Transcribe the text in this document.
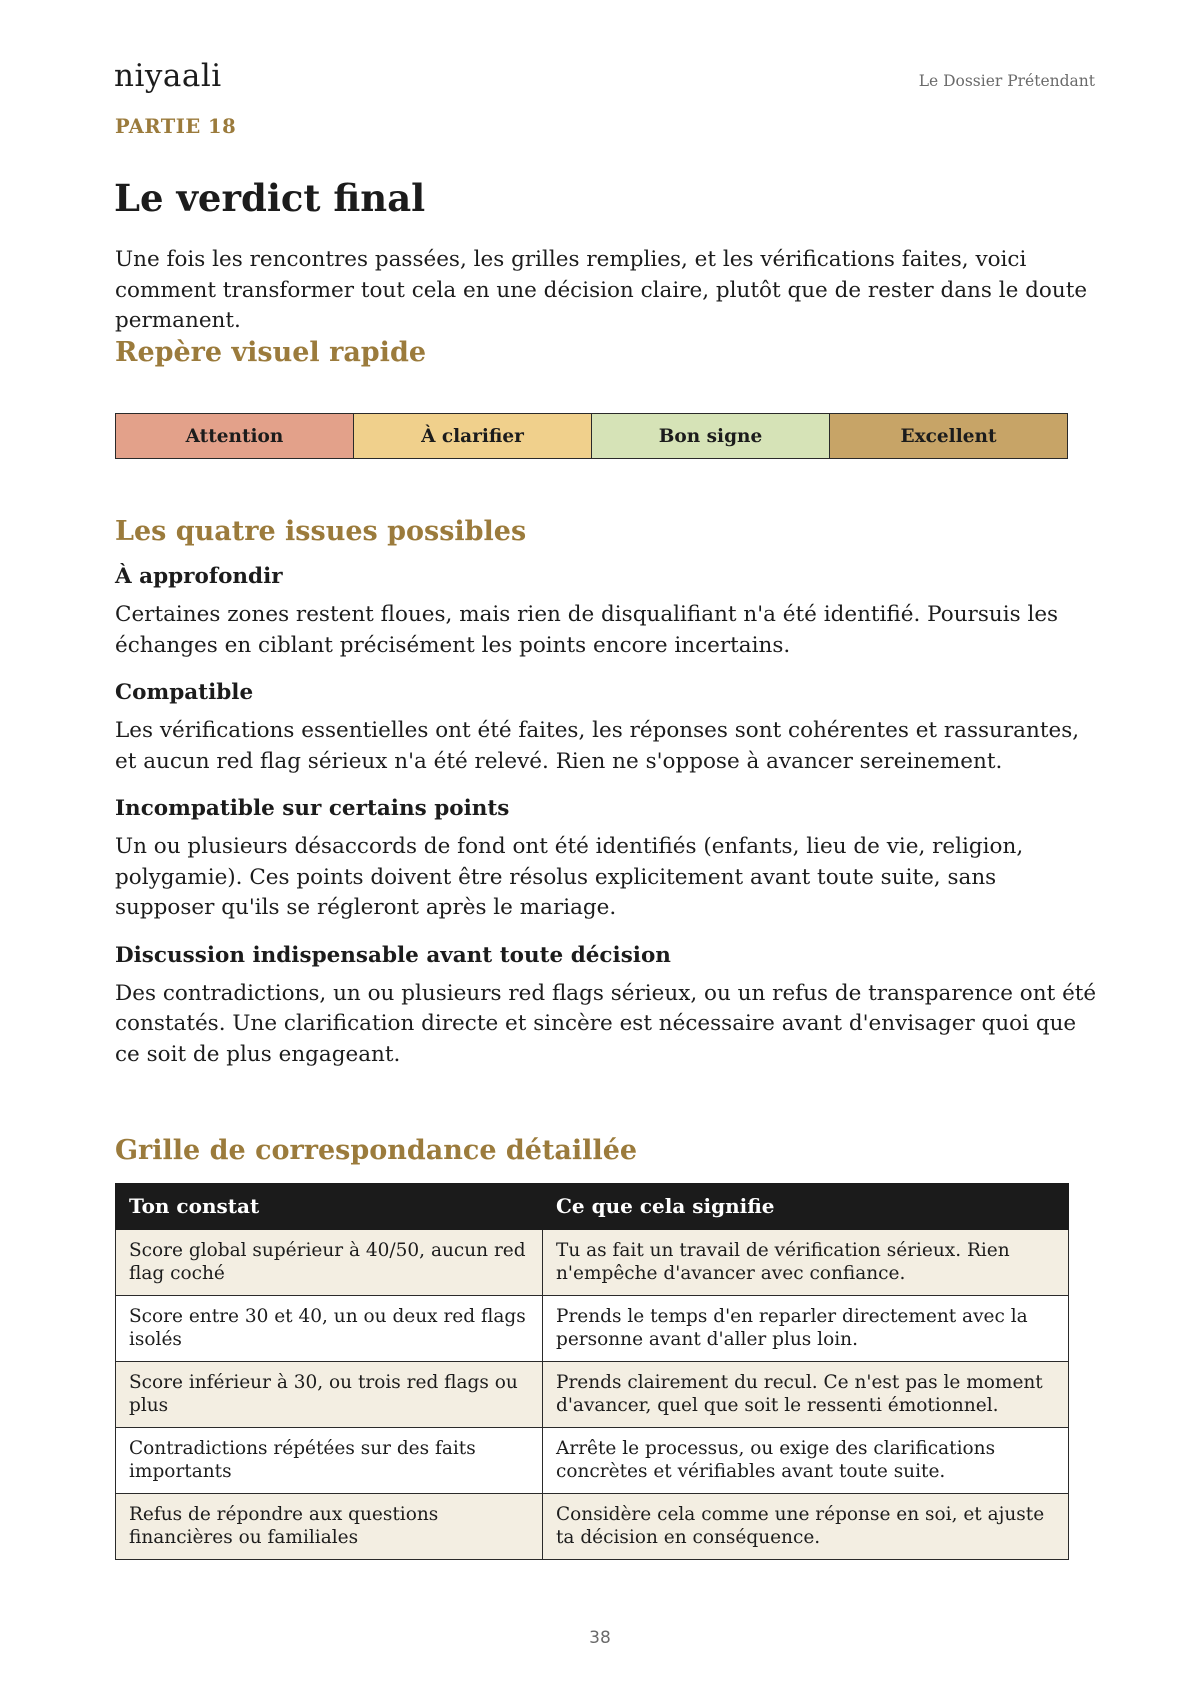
niyaali	Le Dossier Prétendant
PARTIE 18
Le verdict final

Une fois les rencontres passées, les grilles remplies, et les vérifications faites, voici comment transformer tout cela en une décision claire, plutôt que de rester dans le doute permanent.

Repère visuel rapide
Attention	À clarifier	Bon signe	Excellent
Les quatre issues possibles
À approfondir

Certaines zones restent floues, mais rien de disqualifiant n'a été identifié. Poursuis les échanges en ciblant précisément les points encore incertains.

Compatible

Les vérifications essentielles ont été faites, les réponses sont cohérentes et rassurantes, et aucun red flag sérieux n'a été relevé. Rien ne s'oppose à avancer sereinement.

Incompatible sur certains points

Un ou plusieurs désaccords de fond ont été identifiés (enfants, lieu de vie, religion, polygamie). Ces points doivent être résolus explicitement avant toute suite, sans supposer qu'ils se régleront après le mariage.

Discussion indispensable avant toute décision

Des contradictions, un ou plusieurs red flags sérieux, ou un refus de transparence ont été constatés. Une clarification directe et sincère est nécessaire avant d'envisager quoi que ce soit de plus engageant.

Grille de correspondance détaillée
Ton constat	Ce que cela signifie
Score global supérieur à 40/50, aucun red flag coché	Tu as fait un travail de vérification sérieux. Rien n'empêche d'avancer avec confiance.
Score entre 30 et 40, un ou deux red flags isolés	Prends le temps d'en reparler directement avec la personne avant d'aller plus loin.
Score inférieur à 30, ou trois red flags ou plus	Prends clairement du recul. Ce n'est pas le moment d'avancer, quel que soit le ressenti émotionnel.
Contradictions répétées sur des faits importants	Arrête le processus, ou exige des clarifications concrètes et vérifiables avant toute suite.
Refus de répondre aux questions financières ou familiales	Considère cela comme une réponse en soi, et ajuste ta décision en conséquence.
38
